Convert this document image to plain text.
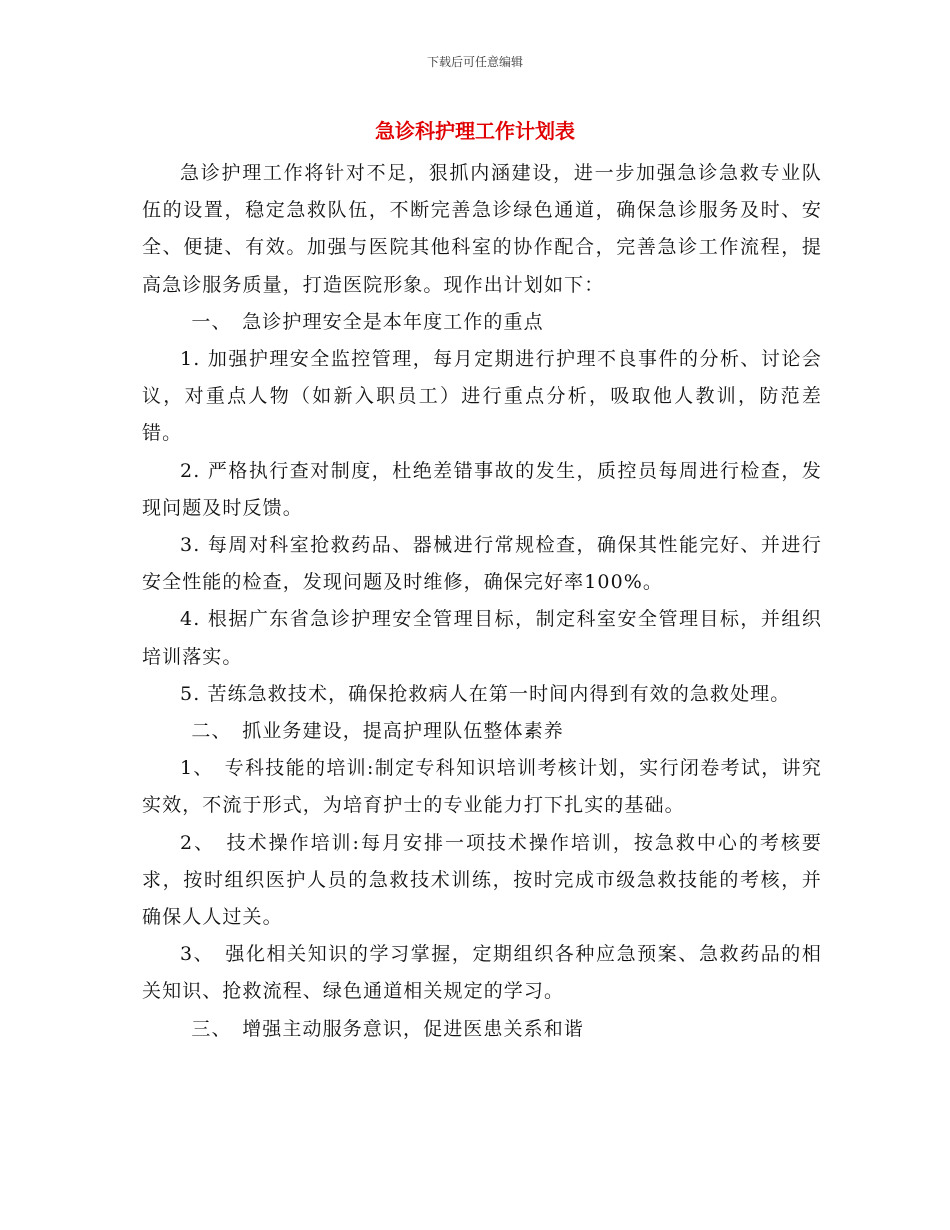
下载后可任意编辑
急诊科护理工作计划表

急诊护理工作将针对不足，狠抓内涵建设，进一步加强急诊急救专业队伍的设置，稳定急救队伍，不断完善急诊绿色通道，确保急诊服务及时、安全、便捷、有效。加强与医院其他科室的协作配合，完善急诊工作流程，提高急诊服务质量，打造医院形象。现作出计划如下：

一、　急诊护理安全是本年度工作的重点

1. 加强护理安全监控管理，每月定期进行护理不良事件的分析、讨论会议，对重点人物（如新入职员工）进行重点分析，吸取他人教训，防范差错。

2. 严格执行查对制度，杜绝差错事故的发生，质控员每周进行检查，发现问题及时反馈。

3. 每周对科室抢救药品、器械进行常规检查，确保其性能完好、并进行安全性能的检查，发现问题及时维修，确保完好率100%。

4. 根据广东省急诊护理安全管理目标，制定科室安全管理目标，并组织培训落实。

5. 苦练急救技术，确保抢救病人在第一时间内得到有效的急救处理。

二、　抓业务建设，提高护理队伍整体素养

1、　专科技能的培训:制定专科知识培训考核计划，实行闭卷考试，讲究实效，不流于形式，为培育护士的专业能力打下扎实的基础。

2、　技术操作培训:每月安排一项技术操作培训，按急救中心的考核要求，按时组织医护人员的急救技术训练，按时完成市级急救技能的考核，并确保人人过关。

3、　强化相关知识的学习掌握，定期组织各种应急预案、急救药品的相关知识、抢救流程、绿色通道相关规定的学习。

三、　增强主动服务意识，促进医患关系和谐
